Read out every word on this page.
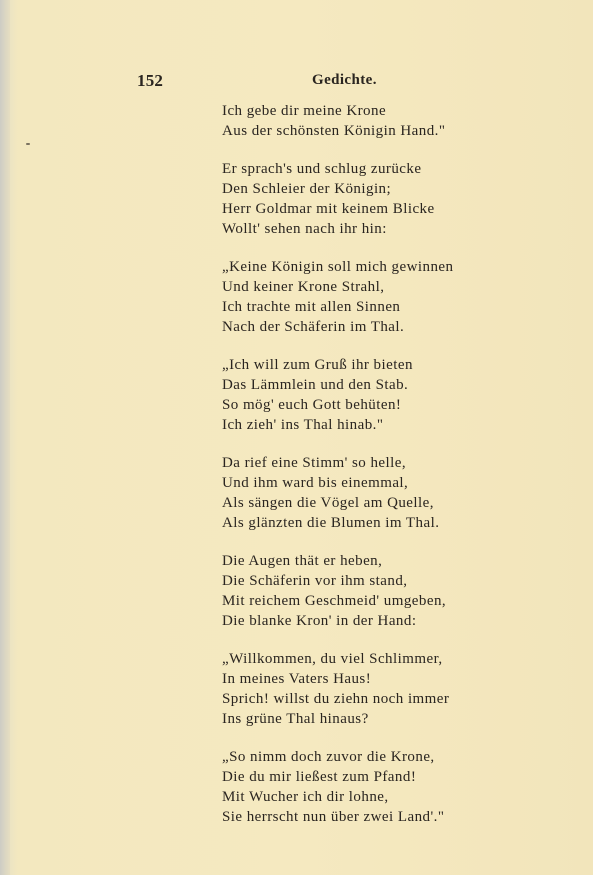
152	Gedichte.
Ich gebe dir meine Krone
Aus der schönsten Königin Hand."
Er sprach's und schlug zurücke
Den Schleier der Königin;
Herr Goldmar mit keinem Blicke
Wollt' sehen nach ihr hin:
„Keine Königin soll mich gewinnen
Und keiner Krone Strahl,
Ich trachte mit allen Sinnen
Nach der Schäferin im Thal.
„Ich will zum Gruß ihr bieten
Das Lämmlein und den Stab.
So mög' euch Gott behüten!
Ich zieh' ins Thal hinab."
Da rief eine Stimm' so helle,
Und ihm ward bis einemmal,
Als sängen die Vögel am Quelle,
Als glänzten die Blumen im Thal.
Die Augen thät er heben,
Die Schäferin vor ihm stand,
Mit reichem Geschmeid' umgeben,
Die blanke Kron' in der Hand:
„Willkommen, du viel Schlimmer,
In meines Vaters Haus!
Sprich! willst du ziehn noch immer
Ins grüne Thal hinaus?
„So nimm doch zuvor die Krone,
Die du mir ließest zum Pfand!
Mit Wucher ich dir lohne,
Sie herrscht nun über zwei Land'."
